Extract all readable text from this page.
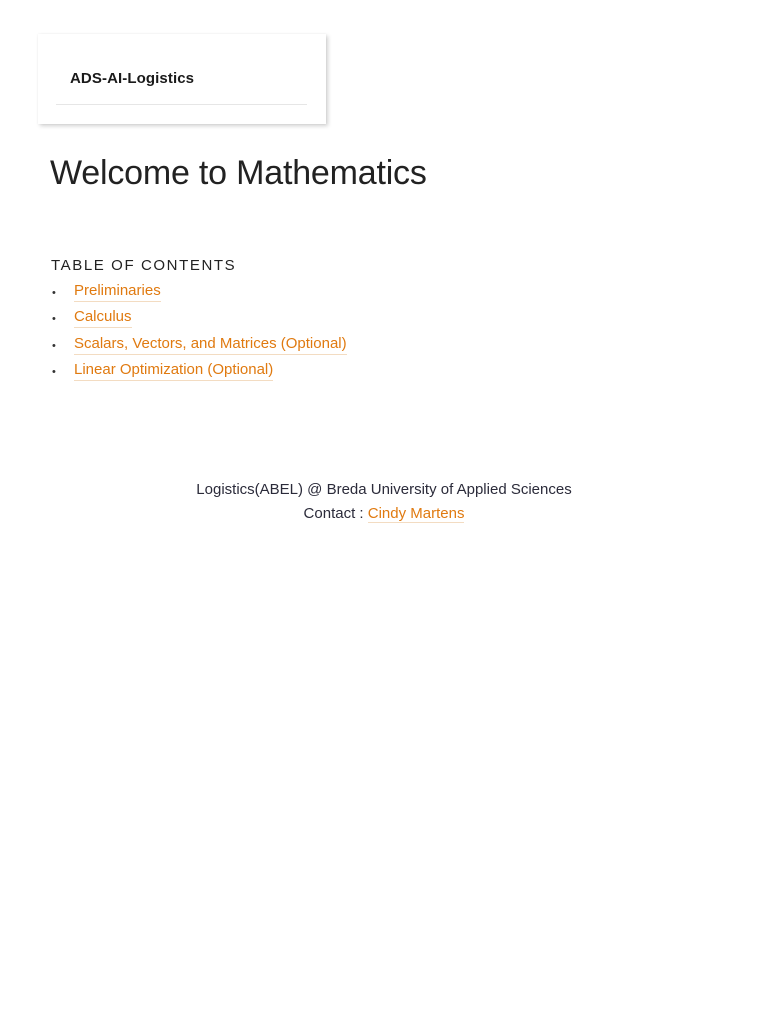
ADS-AI-Logistics
Welcome to Mathematics
TABLE OF CONTENTS
• Preliminaries
• Calculus
• Scalars, Vectors, and Matrices (Optional)
• Linear Optimization (Optional)
Logistics(ABEL) @ Breda University of Applied Sciences
Contact : Cindy Martens
